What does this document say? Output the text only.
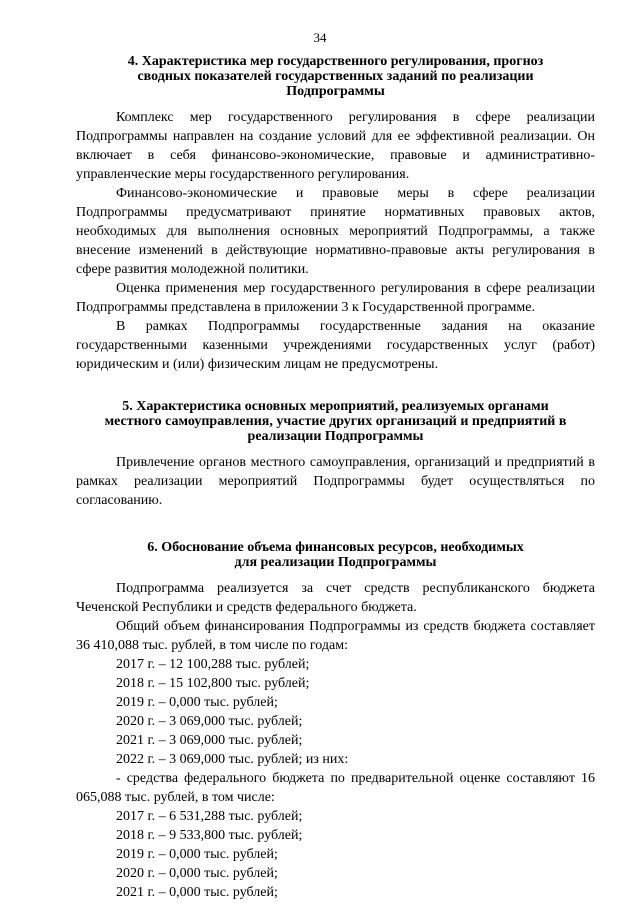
34
4. Характеристика мер государственного регулирования, прогноз
сводных показателей государственных заданий по реализации
Подпрограммы

Комплекс мер государственного регулирования в сфере реализации Подпрограммы направлен на создание условий для ее эффективной реализации. Он включает в себя финансово-экономические, правовые и административно-управленческие меры государственного регулирования.

Финансово-экономические и правовые меры в сфере реализации Подпрограммы предусматривают принятие нормативных правовых актов, необходимых для выполнения основных мероприятий Подпрограммы, а также внесение изменений в действующие нормативно-правовые акты регулирования в сфере развития молодежной политики.

Оценка применения мер государственного регулирования в сфере реализации Подпрограммы представлена в приложении 3 к Государственной программе.

В рамках Подпрограммы государственные задания на оказание государственными казенными учреждениями государственных услуг (работ) юридическим и (или) физическим лицам не предусмотрены.

5. Характеристика основных мероприятий, реализуемых органами
местного самоуправления, участие других организаций и предприятий в
реализации Подпрограммы

Привлечение органов местного самоуправления, организаций и предприятий в рамках реализации мероприятий Подпрограммы будет осуществляться по согласованию.

6. Обоснование объема финансовых ресурсов, необходимых
для реализации Подпрограммы

Подпрограмма реализуется за счет средств республиканского бюджета Чеченской Республики и средств федерального бюджета.

Общий объем финансирования Подпрограммы из средств бюджета составляет 36 410,088 тыс. рублей, в том числе по годам:

2017 г. – 12 100,288 тыс. рублей;

2018 г. – 15 102,800 тыс. рублей;

2019 г. – 0,000 тыс. рублей;

2020 г. – 3 069,000 тыс. рублей;

2021 г. – 3 069,000 тыс. рублей;

2022 г. – 3 069,000 тыс. рублей; из них:

- средства федерального бюджета по предварительной оценке составляют 16 065,088 тыс. рублей, в том числе:

2017 г. – 6 531,288 тыс. рублей;

2018 г. – 9 533,800 тыс. рублей;

2019 г. – 0,000 тыс. рублей;

2020 г. – 0,000 тыс. рублей;

2021 г. – 0,000 тыс. рублей;
